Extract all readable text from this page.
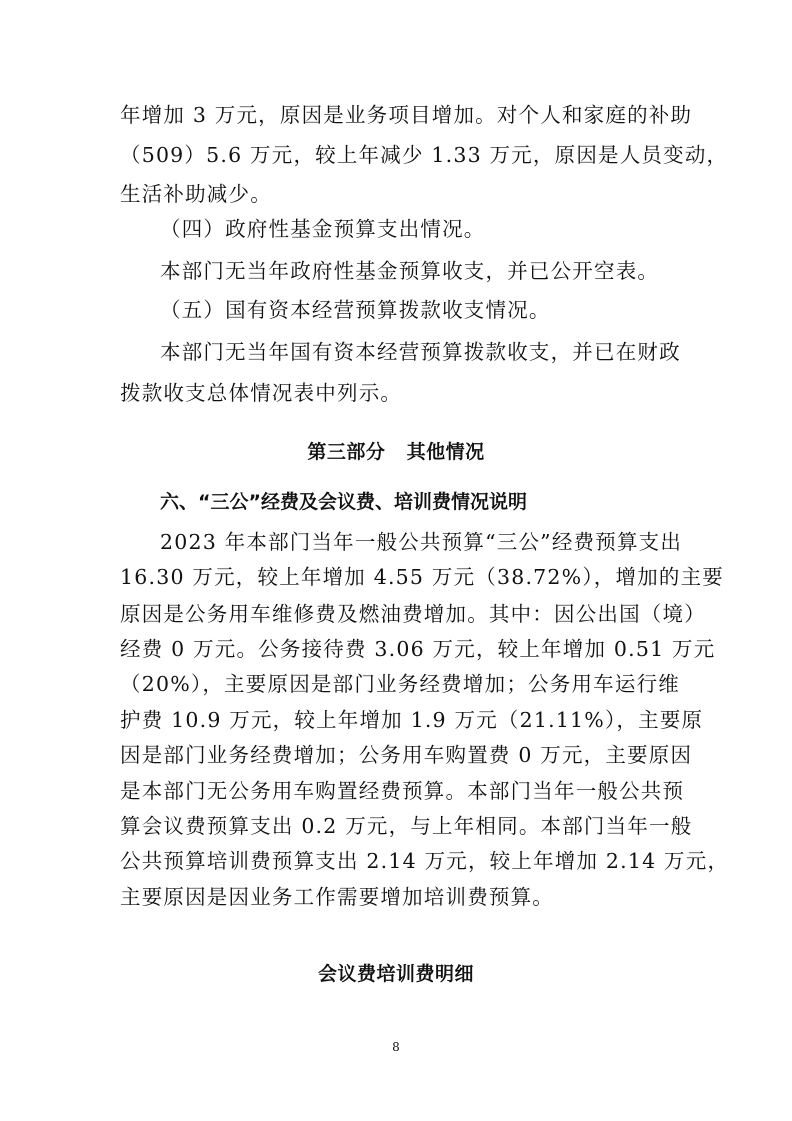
年增加 3 万元，原因是业务项目增加。对个人和家庭的补助
（509）5.6 万元，较上年减少 1.33 万元，原因是人员变动，
生活补助减少。
（四）政府性基金预算支出情况。
本部门无当年政府性基金预算收支，并已公开空表。
（五）国有资本经营预算拨款收支情况。
本部门无当年国有资本经营预算拨款收支，并已在财政
拨款收支总体情况表中列示。
第三部分   其他情况
六、“三公”经费及会议费、培训费情况说明
2023 年本部门当年一般公共预算“三公”经费预算支出
16.30 万元，较上年增加 4.55 万元（38.72%），增加的主要
原因是公务用车维修费及燃油费增加。其中：因公出国（境）
经费 0 万元。公务接待费 3.06 万元，较上年增加 0.51 万元
（20%），主要原因是部门业务经费增加；公务用车运行维
护费 10.9 万元，较上年增加 1.9 万元（21.11%），主要原
因是部门业务经费增加；公务用车购置费 0 万元，主要原因
是本部门无公务用车购置经费预算。本部门当年一般公共预
算会议费预算支出 0.2 万元，与上年相同。本部门当年一般
公共预算培训费预算支出 2.14 万元，较上年增加 2.14 万元，
主要原因是因业务工作需要增加培训费预算。
会议费培训费明细
8
